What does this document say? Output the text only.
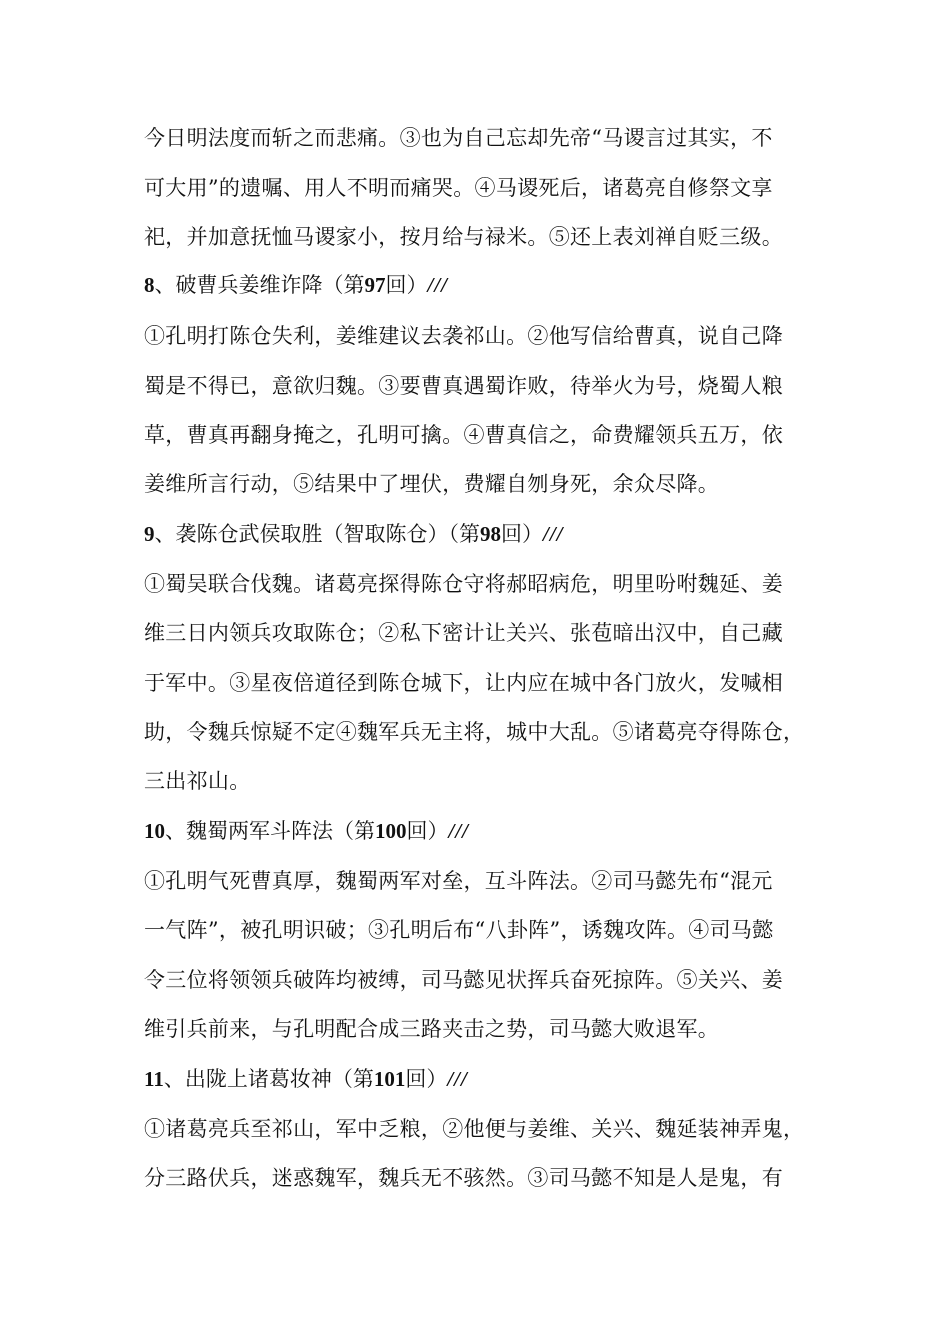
今日明法度而斩之而悲痛。③也为自己忘却先帝“马谡言过其实，不
可大用”的遗嘱、用人不明而痛哭。④马谡死后，诸葛亮自修祭文享
祀，并加意抚恤马谡家小，按月给与禄米。⑤还上表刘禅自贬三级。
8、破曹兵姜维诈降（第97回）///
①孔明打陈仓失利，姜维建议去袭祁山。②他写信给曹真，说自己降
蜀是不得已，意欲归魏。③要曹真遇蜀诈败，待举火为号，烧蜀人粮
草，曹真再翻身掩之，孔明可擒。④曹真信之，命费耀领兵五万，依
姜维所言行动，⑤结果中了埋伏，费耀自刎身死，余众尽降。
9、袭陈仓武侯取胜（智取陈仓）（第98回）///
①蜀吴联合伐魏。诸葛亮探得陈仓守将郝昭病危，明里吩咐魏延、姜
维三日内领兵攻取陈仓；②私下密计让关兴、张苞暗出汉中，自己藏
于军中。③星夜倍道径到陈仓城下，让内应在城中各门放火，发喊相
助，令魏兵惊疑不定④魏军兵无主将，城中大乱。⑤诸葛亮夺得陈仓，
三出祁山。
10、魏蜀两军斗阵法（第100回）///
①孔明气死曹真厚，魏蜀两军对垒，互斗阵法。②司马懿先布“混元
一气阵”，被孔明识破；③孔明后布“八卦阵”，诱魏攻阵。④司马懿
令三位将领领兵破阵均被缚，司马懿见状挥兵奋死掠阵。⑤关兴、姜
维引兵前来，与孔明配合成三路夹击之势，司马懿大败退军。
11、出陇上诸葛妆神（第101回）///
①诸葛亮兵至祁山，军中乏粮，②他便与姜维、关兴、魏延装神弄鬼，
分三路伏兵，迷惑魏军，魏兵无不骇然。③司马懿不知是人是鬼，有
